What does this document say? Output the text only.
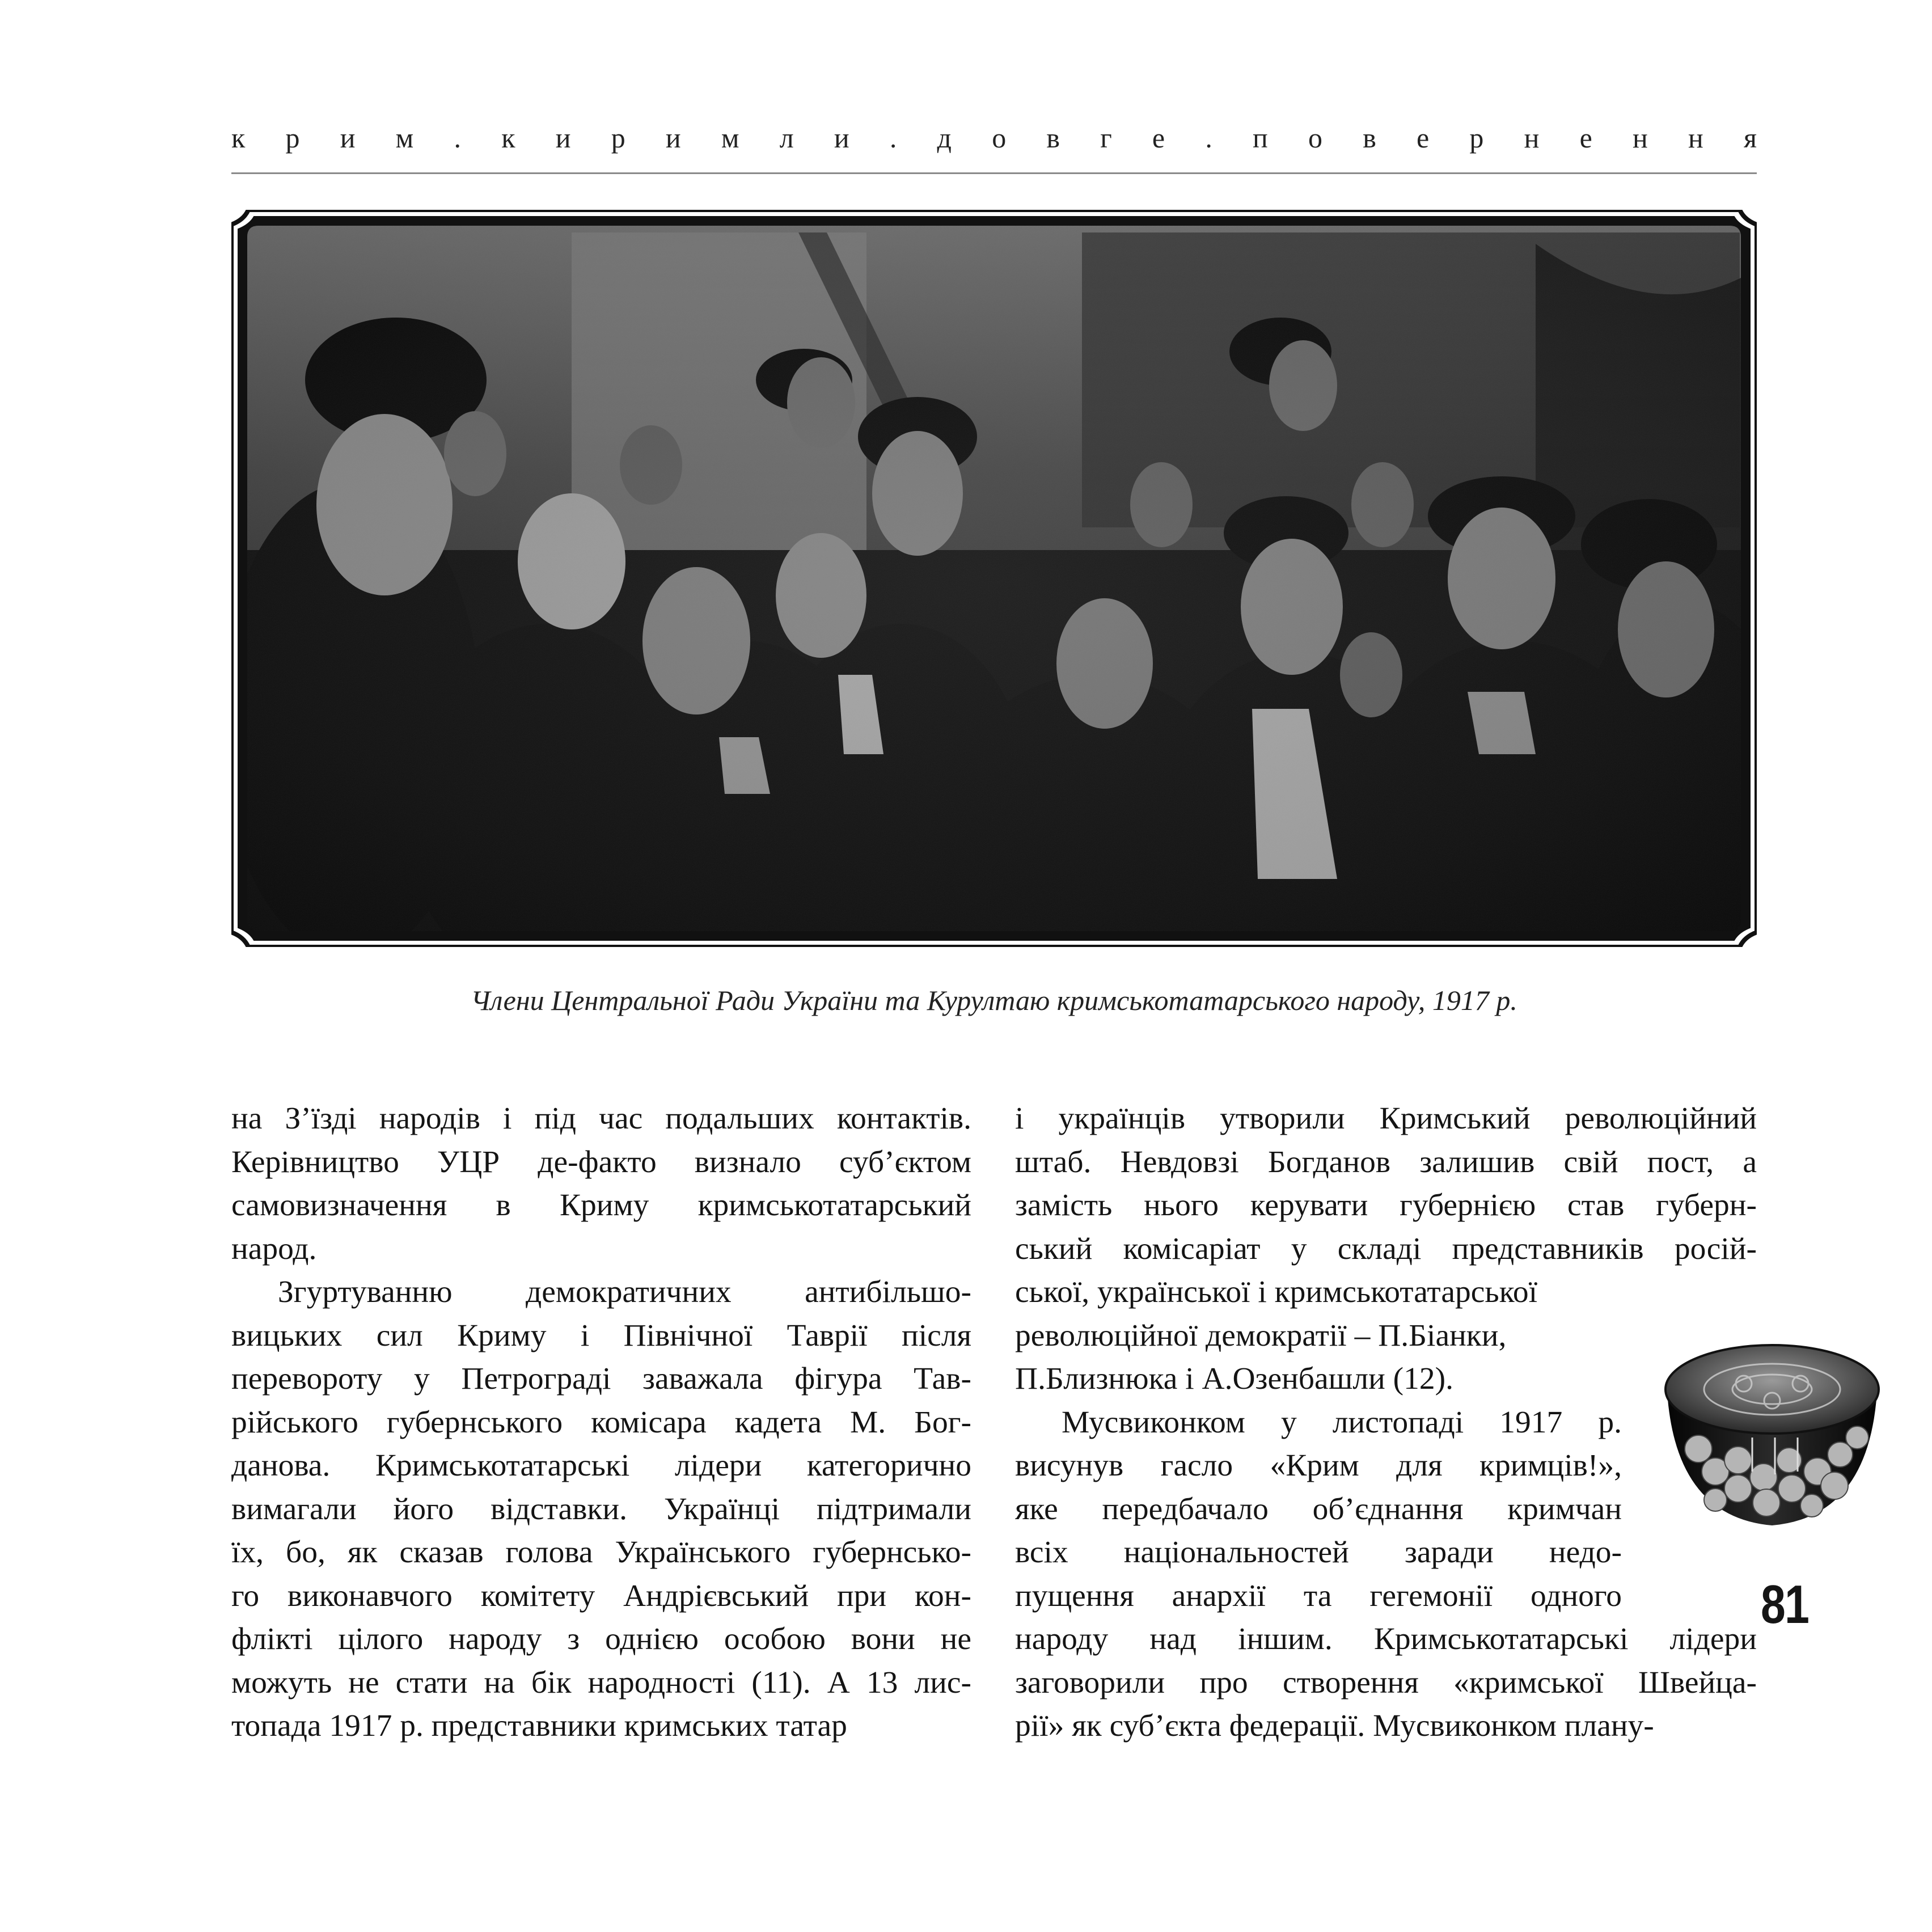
к р и м . к и р и м л и . д о в г е . п о в е р н е н н я
Члени Центральної Ради України та Курултаю кримськотатарського народу, 1917 р.
на З’їзді народів і під час подальших контактів.
Керівництво УЦР де-факто визнало суб’єктом
самовизначення в Криму кримськотатарський
народ.
Згуртуванню демократичних антибільшо-
вицьких сил Криму і Північної Таврії після
перевороту у Петрограді заважала фігура Тав-
рійського губернського комісара кадета М. Бог-
данова. Кримськотатарські лідери категорично
вимагали його відставки. Українці підтримали
їх, бо, як сказав голова Українського губернсько-
го виконавчого комітету Андрієвський при кон-
флікті цілого народу з однією особою вони не
можуть не стати на бік народності (11). А 13 лис-
топада 1917 р. представники кримських татар
і українців утворили Кримський революційний
штаб. Невдовзі Богданов залишив свій пост, а
замість нього керувати губернією став губерн-
ський комісаріат у складі представників росій-
ської, української і кримськотатарської
революційної демократії – П.Біанки,
П.Близнюка і А.Озенбашли (12).
Мусвиконком у листопаді 1917 р.
висунув гасло «Крим для кримців!»,
яке передбачало об’єднання кримчан
всіх національностей заради недо-
пущення анархії та гегемонії одного
народу над іншим. Кримськотатарські лідери
заговорили про створення «кримської Швейца-
рії» як суб’єкта федерації. Мусвиконком плану-
81
